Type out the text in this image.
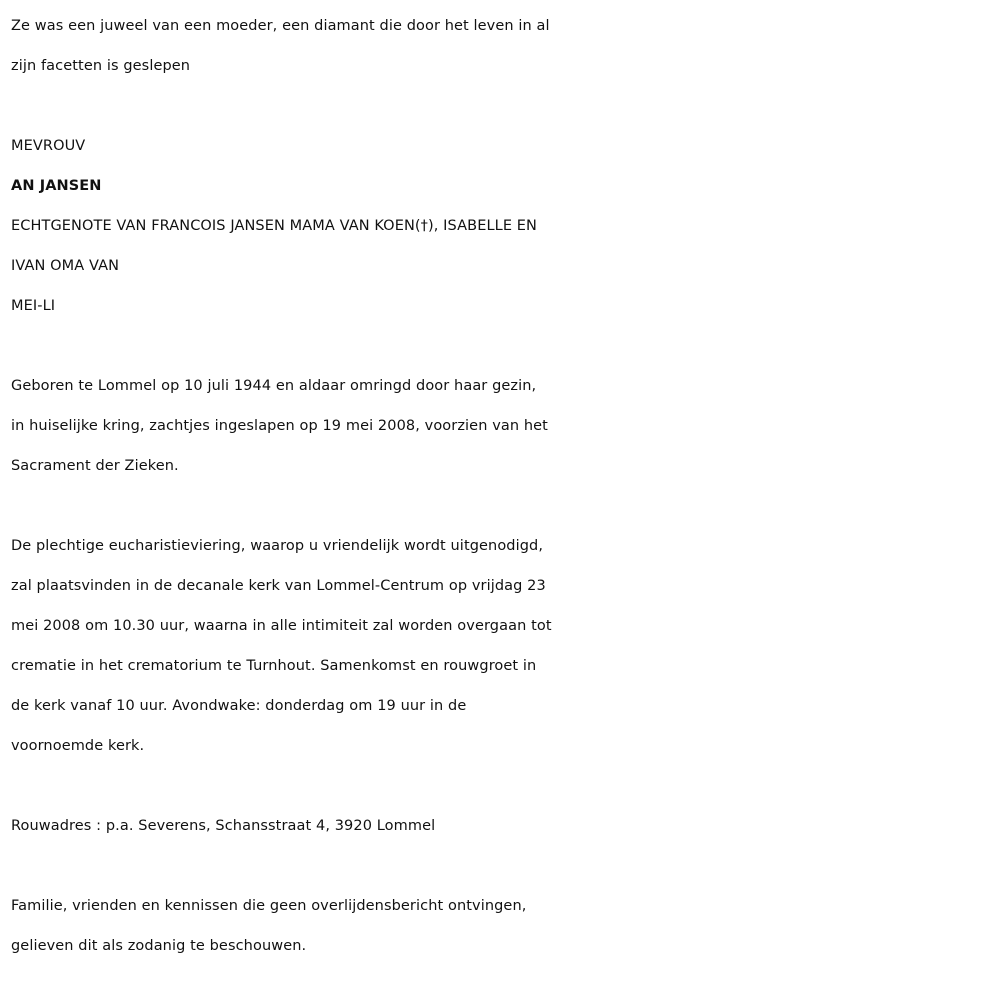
Ze was een juweel van een moeder, een diamant die door het leven in al
zijn facetten is geslepen

MEVROUV

AN JANSEN

ECHTGENOTE VAN FRANCOIS JANSEN MAMA VAN KOEN(†), ISABELLE EN
IVAN OMA VAN

MEI-LI

Geboren te Lommel op 10 juli 1944 en aldaar omringd door haar gezin,
in huiselijke kring, zachtjes ingeslapen op 19 mei 2008, voorzien van het
Sacrament der Zieken.

De plechtige eucharistieviering, waarop u vriendelijk wordt uitgenodigd,
zal plaatsvinden in de decanale kerk van Lommel-Centrum op vrijdag 23
mei 2008 om 10.30 uur, waarna in alle intimiteit zal worden overgaan tot
crematie in het crematorium te Turnhout. Samenkomst en rouwgroet in
de kerk vanaf 10 uur. Avondwake: donderdag om 19 uur in de
voornoemde kerk.

Rouwadres : p.a. Severens, Schansstraat 4, 3920 Lommel

Familie, vrienden en kennissen die geen overlijdensbericht ontvingen,
gelieven dit als zodanig te beschouwen.
